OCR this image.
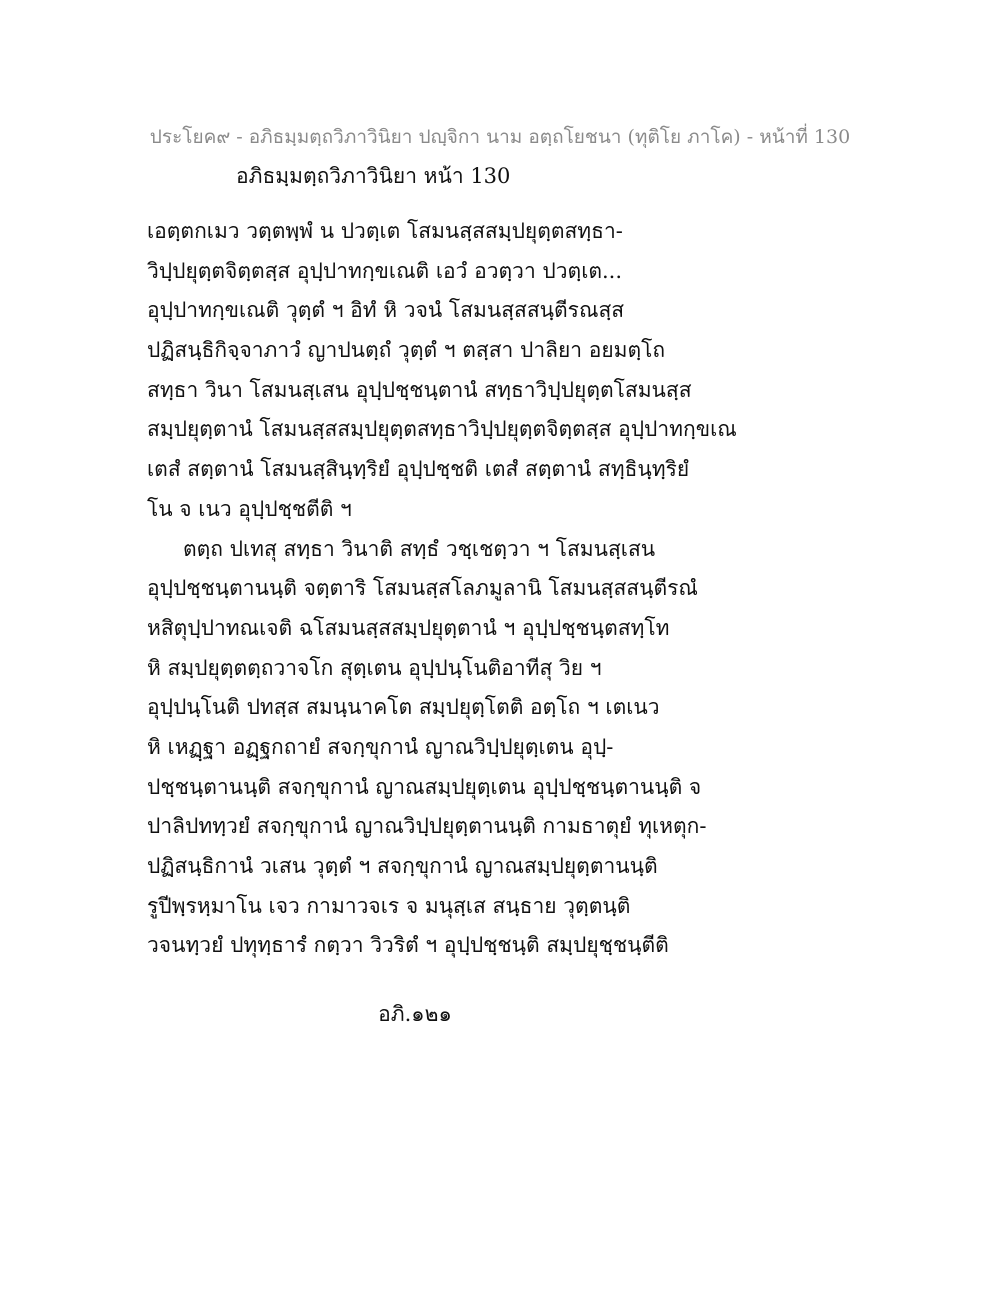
ประโยค๙ - อภิธมฺมตฺถวิภาวินิยา ปญฺจิกา นาม อตฺถโยชนา (ทุติโย ภาโค) - หน้าที่ 130
อภิธมฺมตฺถวิภาวินิยา หน้า 130
เอตฺตกเมว วตฺตพฺพํ น ปวตฺเต โสมนสฺสสมฺปยุตฺตสทฺธา-
วิปฺปยุตฺตจิตฺตสฺส อุปฺปาทกฺขเณติ เอวํ อวตฺวา ปวตฺเต...
อุปฺปาทกฺขเณติ วุตฺตํ ฯ อิทํ หิ วจนํ โสมนสฺสสนฺตีรณสฺส
ปฏิสนฺธิกิจฺจาภาวํ ญาปนตฺถํ วุตฺตํ ฯ ตสฺสา ปาลิยา อยมตฺโถ
สทฺธา วินา โสมนสฺเสน อุปฺปชฺชนฺตานํ สทฺธาวิปฺปยุตฺตโสมนสฺส
สมฺปยุตฺตานํ โสมนสฺสสมฺปยุตฺตสทฺธาวิปฺปยุตฺตจิตฺตสฺส อุปฺปาทกฺขเณ
เตสํ สตฺตานํ โสมนสฺสินฺทฺริยํ อุปฺปชฺชติ เตสํ สตฺตานํ สทฺธินฺทฺริยํ
โน จ เนว อุปฺปชฺชตีติ ฯ
ตตฺถ ปเทสุ สทฺธา วินาติ สทฺธํ วชฺเชตฺวา ฯ โสมนสฺเสน
อุปฺปชฺชนฺตานนฺติ จตฺตาริ โสมนสฺสโลภมูลานิ โสมนสฺสสนฺตีรณํ
หสิตุปฺปาทณเจติ ฉโสมนสฺสสมฺปยุตฺตานํ ฯ อุปฺปชฺชนฺตสทฺโท
หิ สมฺปยุตฺตตฺถวาจโก สุตฺเตน อุปฺปนฺโนติอาทีสุ วิย ฯ
อุปฺปนฺโนติ ปทสฺส สมนฺนาคโต สมฺปยุตฺโตติ อตฺโถ ฯ เตเนว
หิ เหฏฺฐา อฏฺฐกถายํ สจกฺขุกานํ ญาณวิปฺปยุตฺเตน อุปฺ-
ปชฺชนฺตานนฺติ สจกฺขุกานํ ญาณสมฺปยุตฺเตน อุปฺปชฺชนฺตานนฺติ จ
ปาลิปททฺวยํ สจกฺขุกานํ ญาณวิปฺปยุตฺตานนฺติ กามธาตุยํ ทุเหตุก-
ปฏิสนฺธิกานํ วเสน วุตฺตํ ฯ สจกฺขุกานํ ญาณสมฺปยุตฺตานนฺติ
รูปีพฺรหฺมาโน เจว กามาวจเร จ มนุสฺเส สนฺธาย วุตฺตนฺติ
วจนทฺวยํ ปทุทฺธารํ กตฺวา วิวริตํ ฯ อุปฺปชฺชนฺติ สมฺปยุชฺชนฺตีติ
อภิ.๑๒๑
